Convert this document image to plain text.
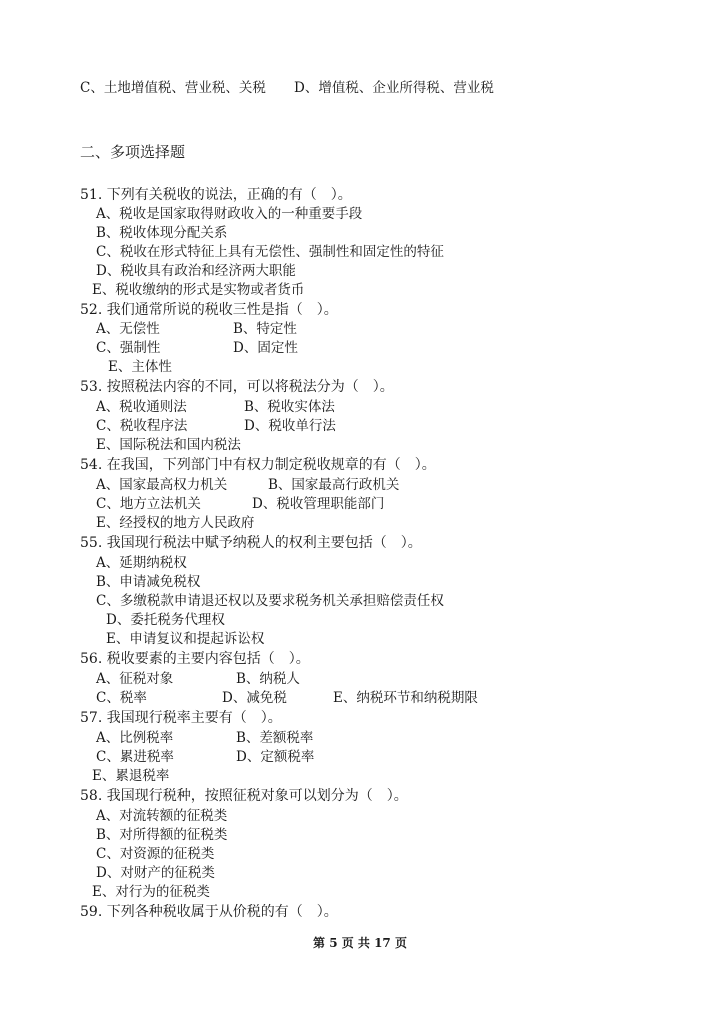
C、土地增值税、营业税、关税 D、增值税、企业所得税、营业税
二、多项选择题
51. 下列有关税收的说法，正确的有（　）。
A、税收是国家取得财政收入的一种重要手段
B、税收体现分配关系
C、税收在形式特征上具有无偿性、强制性和固定性的特征
D、税收具有政治和经济两大职能
E、税收缴纳的形式是实物或者货币
52. 我们通常所说的税收三性是指（　）。
A、无偿性	B、特定性
C、强制性	D、固定性
E、主体性
53. 按照税法内容的不同，可以将税法分为（　）。
A、税收通则法	B、税收实体法
C、税收程序法	D、税收单行法
E、国际税法和国内税法
54. 在我国，下列部门中有权力制定税收规章的有（　）。
A、国家最高权力机关	B、国家最高行政机关
C、地方立法机关	D、税收管理职能部门
E、经授权的地方人民政府
55. 我国现行税法中赋予纳税人的权利主要包括（　）。
A、延期纳税权
B、申请减免税权
C、多缴税款申请退还权以及要求税务机关承担赔偿责任权
D、委托税务代理权
E、申请复议和提起诉讼权
56. 税收要素的主要内容包括（　）。
A、征税对象	B、纳税人
C、税率	D、减免税	E、纳税环节和纳税期限
57. 我国现行税率主要有（　）。
A、比例税率	B、差额税率
C、累进税率	D、定额税率
E、累退税率
58. 我国现行税种，按照征税对象可以划分为（　）。
A、对流转额的征税类
B、对所得额的征税类
C、对资源的征税类
D、对财产的征税类
E、对行为的征税类
59. 下列各种税收属于从价税的有（　）。
第 5 页 共 17 页
